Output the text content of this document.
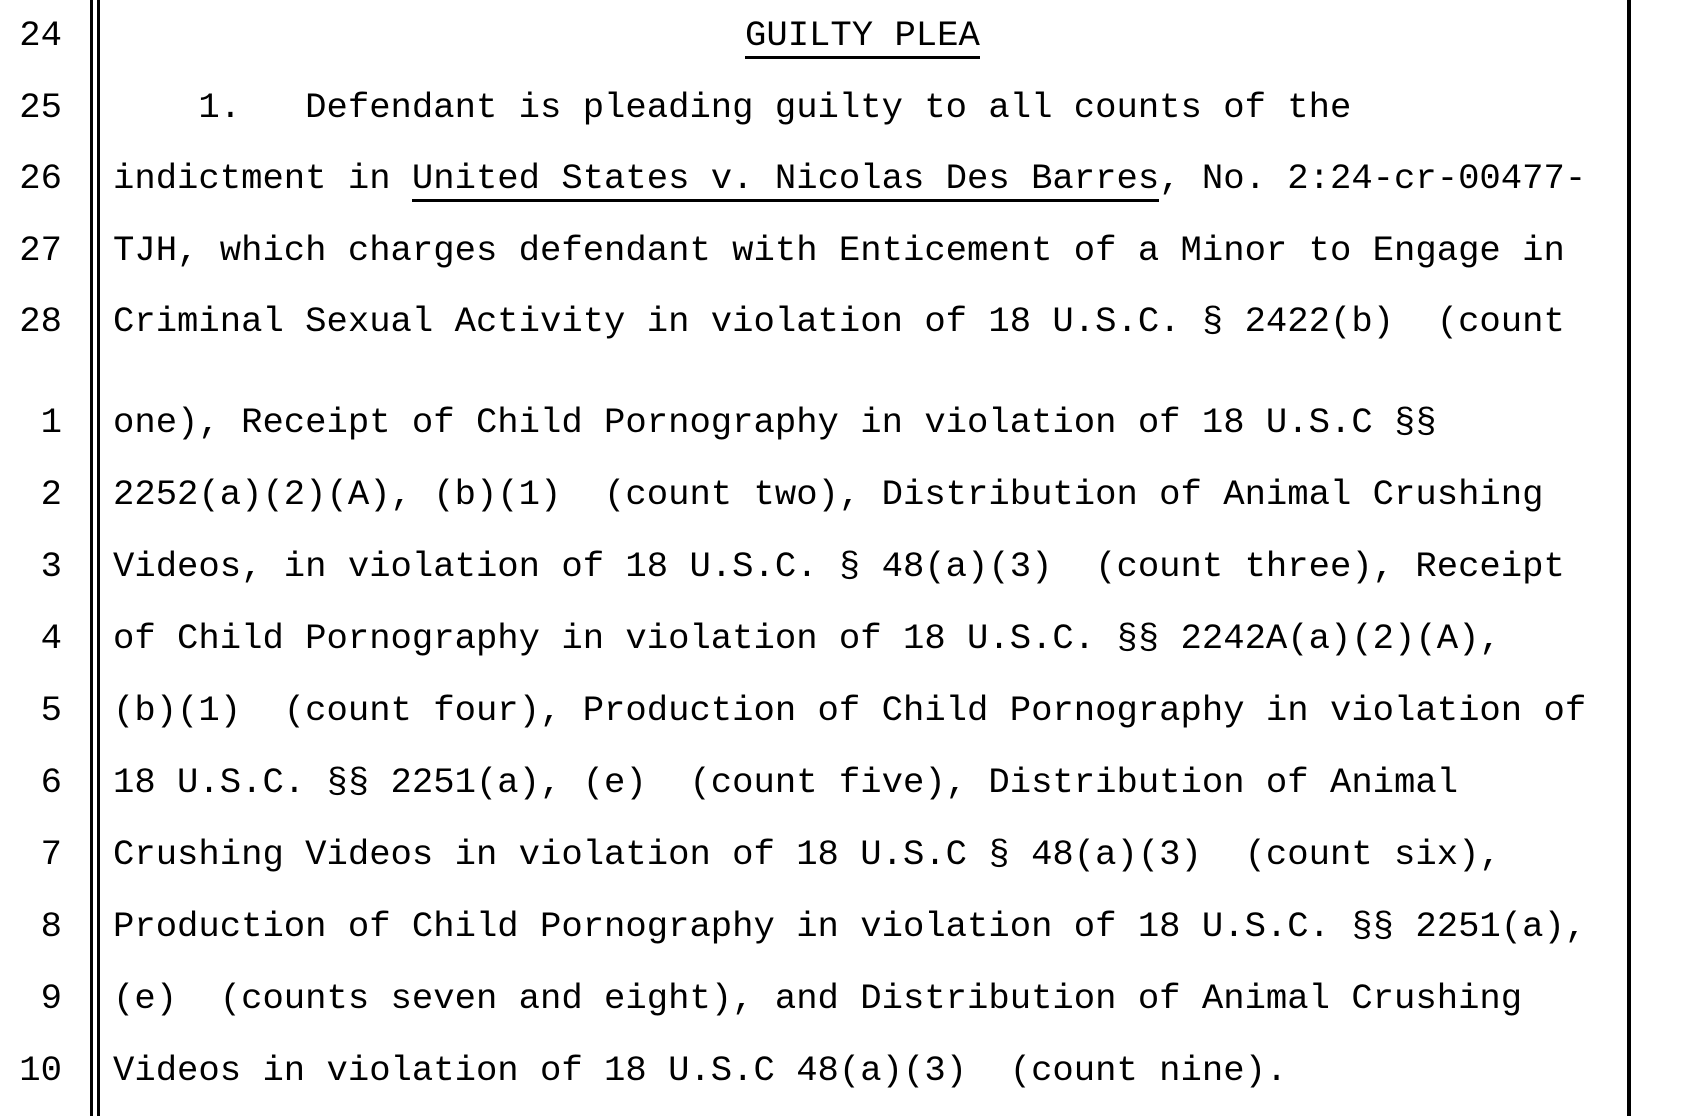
24	GUILTY PLEA
25 1.   Defendant is pleading guilty to all counts of the
26 indictment in United States v. Nicolas Des Barres, No. 2:24-cr-00477-
27 TJH, which charges defendant with Enticement of a Minor to Engage in
28 Criminal Sexual Activity in violation of 18 U.S.C. § 2422(b)  (count
1 one), Receipt of Child Pornography in violation of 18 U.S.C §§
2 2252(a)(2)(A), (b)(1)  (count two), Distribution of Animal Crushing
3 Videos, in violation of 18 U.S.C. § 48(a)(3)  (count three), Receipt
4 of Child Pornography in violation of 18 U.S.C. §§ 2242A(a)(2)(A),
5 (b)(1)  (count four), Production of Child Pornography in violation of
6 18 U.S.C. §§ 2251(a), (e)  (count five), Distribution of Animal
7 Crushing Videos in violation of 18 U.S.C § 48(a)(3)  (count six),
8 Production of Child Pornography in violation of 18 U.S.C. §§ 2251(a),
9 (e)  (counts seven and eight), and Distribution of Animal Crushing
10 Videos in violation of 18 U.S.C 48(a)(3)  (count nine).
